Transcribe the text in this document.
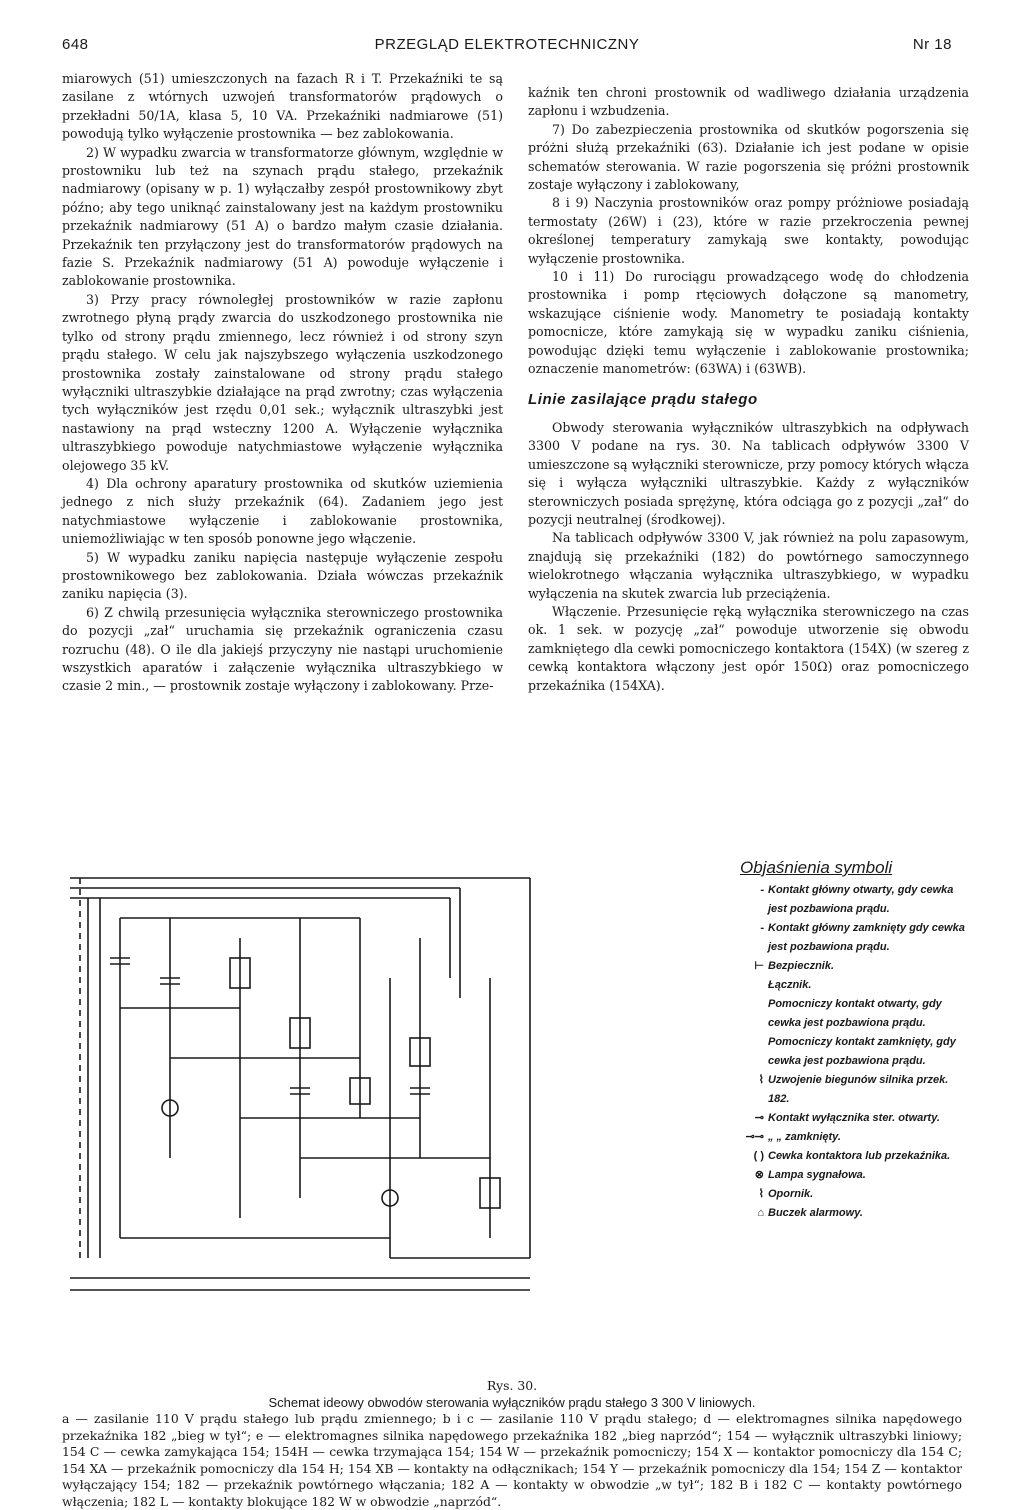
648	PRZEGLĄD ELEKTROTECHNICZNY	Nr 18

miarowych (51) umieszczonych na fazach R i T. Przekaźniki te są zasilane z wtórnych uzwojeń transformatorów prądowych o przekładni 50/1A, klasa 5, 10 VA. Przekaźniki nadmiarowe (51) powodują tylko wyłączenie prostownika — bez zablokowania.

2) W wypadku zwarcia w transformatorze głównym, względnie w prostowniku lub też na szynach prądu stałego, przekaźnik nadmiarowy (opisany w p. 1) wyłączałby zespół prostownikowy zbyt późno; aby tego uniknąć zainstalowany jest na każdym prostowniku przekaźnik nadmiarowy (51 A) o bardzo małym czasie działania. Przekaźnik ten przyłączony jest do transformatorów prądowych na fazie S. Przekaźnik nadmiarowy (51 A) powoduje wyłączenie i zablokowanie prostownika.

3) Przy pracy równoległej prostowników w razie zapłonu zwrotnego płyną prądy zwarcia do uszkodzonego prostownika nie tylko od strony prądu zmiennego, lecz również i od strony szyn prądu stałego. W celu jak najszybszego wyłączenia uszkodzonego prostownika zostały zainstalowane od strony prądu stałego wyłączniki ultraszybkie działające na prąd zwrotny; czas wyłączenia tych wyłączników jest rzędu 0,01 sek.; wyłącznik ultraszybki jest nastawiony na prąd wsteczny 1200 A. Wyłączenie wyłącznika ultraszybkiego powoduje natychmiastowe wyłączenie wyłącznika olejowego 35 kV.

4) Dla ochrony aparatury prostownika od skutków uziemienia jednego z nich służy przekaźnik (64). Zadaniem jego jest natychmiastowe wyłączenie i zablokowanie prostownika, uniemożliwiając w ten sposób ponowne jego włączenie.

5) W wypadku zaniku napięcia następuje wyłączenie zespołu prostownikowego bez zablokowania. Działa wówczas przekaźnik zaniku napięcia (3).

6) Z chwilą przesunięcia wyłącznika sterowniczego prostownika do pozycji „zał“ uruchamia się przekaźnik ograniczenia czasu rozruchu (48). O ile dla jakiejś przyczyny nie nastąpi uruchomienie wszystkich aparatów i załączenie wyłącznika ultraszybkiego w czasie 2 min., — prostownik zostaje wyłączony i zablokowany. Prze-

kaźnik ten chroni prostownik od wadliwego działania urządzenia zapłonu i wzbudzenia.

7) Do zabezpieczenia prostownika od skutków pogorszenia się próżni służą przekaźniki (63). Działanie ich jest podane w opisie schematów sterowania. W razie pogorszenia się próżni prostownik zostaje wyłączony i zablokowany,

8 i 9) Naczynia prostowników oraz pompy próżniowe posiadają termostaty (26W) i (23), które w razie przekroczenia pewnej określonej temperatury zamykają swe kontakty, powodując wyłączenie prostownika.

10 i 11) Do rurociągu prowadzącego wodę do chłodzenia prostownika i pomp rtęciowych dołączone są manometry, wskazujące ciśnienie wody. Manometry te posiadają kontakty pomocnicze, które zamykają się w wypadku zaniku ciśnienia, powodując dzięki temu wyłączenie i zablokowanie prostownika; oznaczenie manometrów: (63WA) i (63WB).

Linie zasilające prądu stałego

Obwody sterowania wyłączników ultraszybkich na odpływach 3300 V podane na rys. 30. Na tablicach odpływów 3300 V umieszczone są wyłączniki sterownicze, przy pomocy których włącza się i wyłącza wyłączniki ultraszybkie. Każdy z wyłączników sterowniczych posiada sprężynę, która odciąga go z pozycji „zał“ do pozycji neutralnej (środkowej).

Na tablicach odpływów 3300 V, jak również na polu zapasowym, znajdują się przekaźniki (182) do powtórnego samoczynnego wielokrotnego włączania wyłącznika ultraszybkiego, w wypadku wyłączenia na skutek zwarcia lub przeciążenia.

Włączenie. Przesunięcie ręką wyłącznika sterowniczego na czas ok. 1 sek. w pozycję „zał“ powoduje utworzenie się obwodu zamkniętego dla cewki pomocniczego kontaktora (154X) (w szereg z cewką kontaktora włączony jest opór 150Ω) oraz pomocniczego przekaźnika (154XA).

Objaśnienia symboli
- Kontakt główny otwarty, gdy cewka jest pozbawiona prądu.
- Kontakt główny zamknięty gdy cewka jest pozbawiona prądu.
⊢ Bezpiecznik.
Łącznik.
Pomocniczy kontakt otwarty, gdy cewka jest pozbawiona prądu.
Pomocniczy kontakt zamknięty, gdy cewka jest pozbawiona prądu.
⌇ Uzwojenie biegunów silnika przek. 182.
⊸ Kontakt wyłącznika ster. otwarty.
⊸⊸ „ „ zamknięty.
( ) Cewka kontaktora lub przekaźnika.
⊗ Lampa sygnałowa.
⌇ Opornik.
⌂ Buczek alarmowy.
Rys. 30.
Schemat ideowy obwodów sterowania wyłączników prądu stałego 3 300 V liniowych.
a — zasilanie 110 V prądu stałego lub prądu zmiennego; b i c — zasilanie 110 V prądu stałego; d — elektromagnes silnika napędowego przekaźnika 182 „bieg w tył“; e — elektromagnes silnika napędowego przekaźnika 182 „bieg naprzód“; 154 — wyłącznik ultraszybki liniowy; 154 C — cewka zamykająca 154; 154H — cewka trzymająca 154; 154 W — przekaźnik pomocniczy; 154 X — kontaktor pomocniczy dla 154 C; 154 XA — przekaźnik pomocniczy dla 154 H; 154 XB — kontakty na odłącznikach; 154 Y — przekaźnik pomocniczy dla 154; 154 Z — kontaktor wyłączający 154; 182 — przekaźnik powtórnego włączania; 182 A — kontakty w obwodzie „w tył“; 182 B i 182 C — kontakty powtórnego włączenia; 182 L — kontakty blokujące 182 W w obwodzie „naprzód“.
